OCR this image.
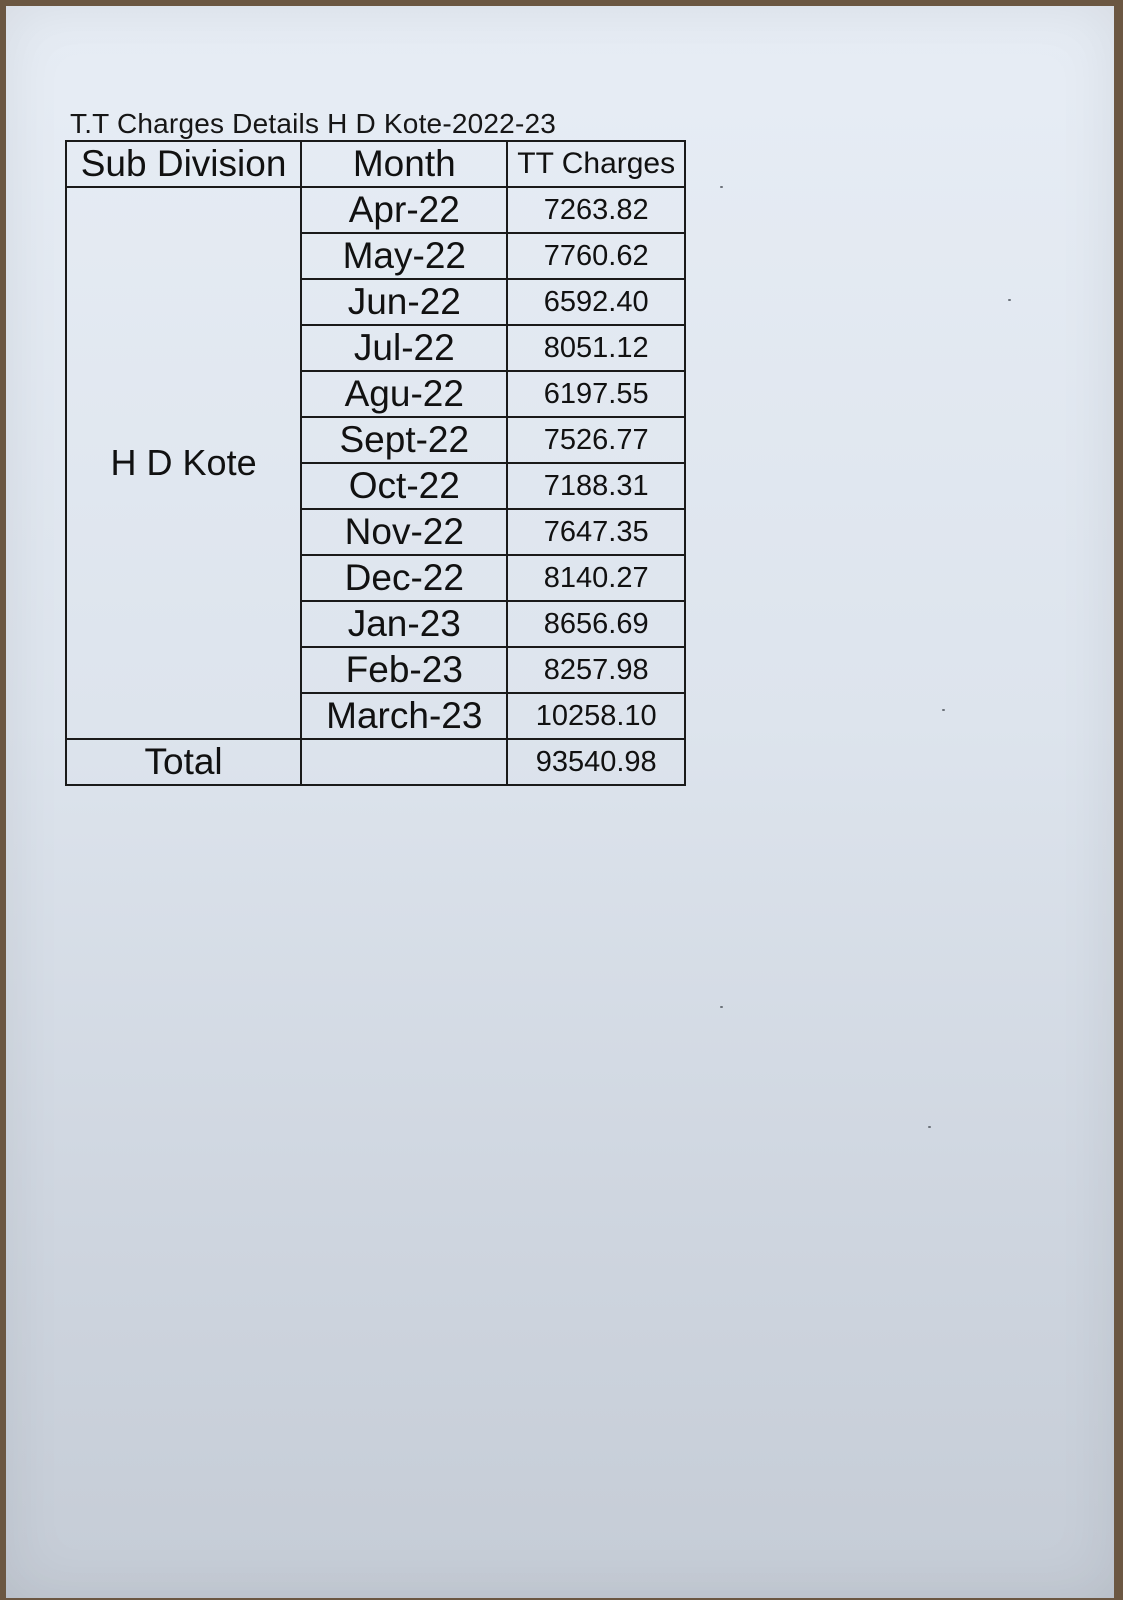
T.T Charges Details H D Kote-2022-23
Sub Division	Month	TT Charges
H D Kote	Apr-22	7263.82
	May-22	7760.62
	Jun-22	6592.40
	Jul-22	8051.12
	Agu-22	6197.55
	Sept-22	7526.77
	Oct-22	7188.31
	Nov-22	7647.35
	Dec-22	8140.27
	Jan-23	8656.69
	Feb-23	8257.98
	March-23	10258.10
Total		93540.98
